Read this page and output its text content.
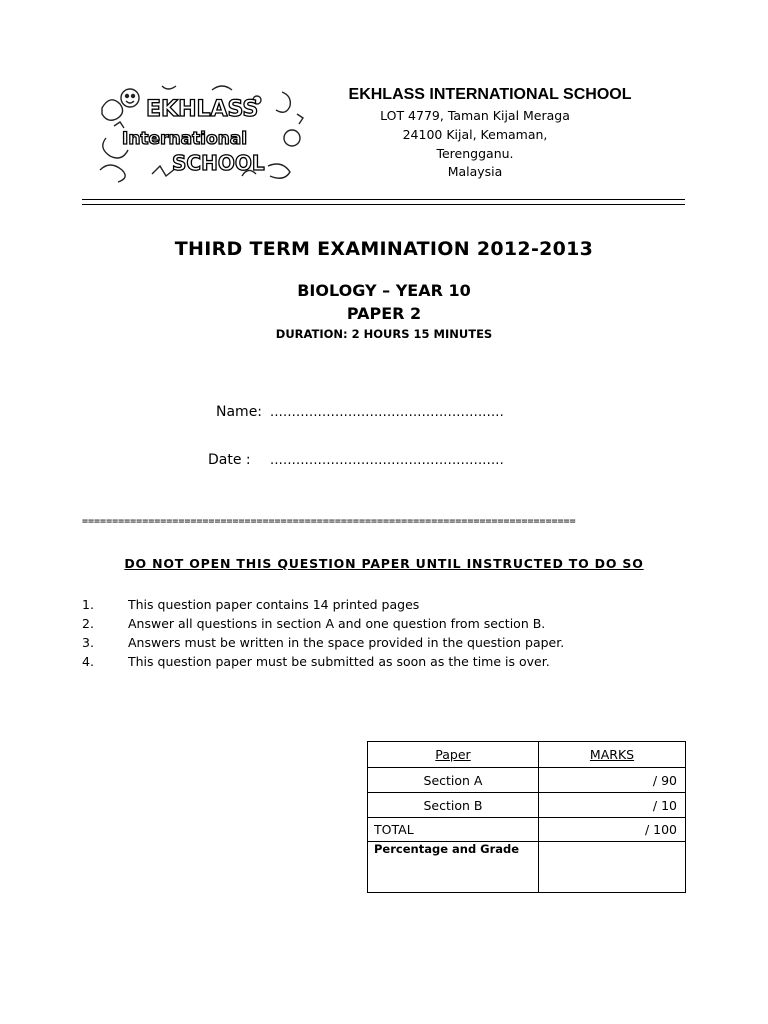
EKHLASS
International
SCHOOL
EKHLASS INTERNATIONAL SCHOOL
LOT 4779, Taman Kijal Meraga
24100 Kijal, Kemaman,
Terengganu.
Malaysia
THIRD TERM EXAMINATION 2012-2013
BIOLOGY – YEAR 10
PAPER 2
DURATION: 2 HOURS 15 MINUTES
Name: ......................................................
Date : ......................................................
==================================================================================
DO NOT OPEN THIS QUESTION PAPER UNTIL INSTRUCTED TO DO SO
1.	This question paper contains 14 printed pages
2.	Answer all questions in section A and one question from section B.
3.	Answers must be written in the space provided in the question paper.
4.	This question paper must be submitted as soon as the time is over.
Paper	MARKS
Section A	/ 90
Section B	/ 10
TOTAL	/ 100
Percentage and Grade	
